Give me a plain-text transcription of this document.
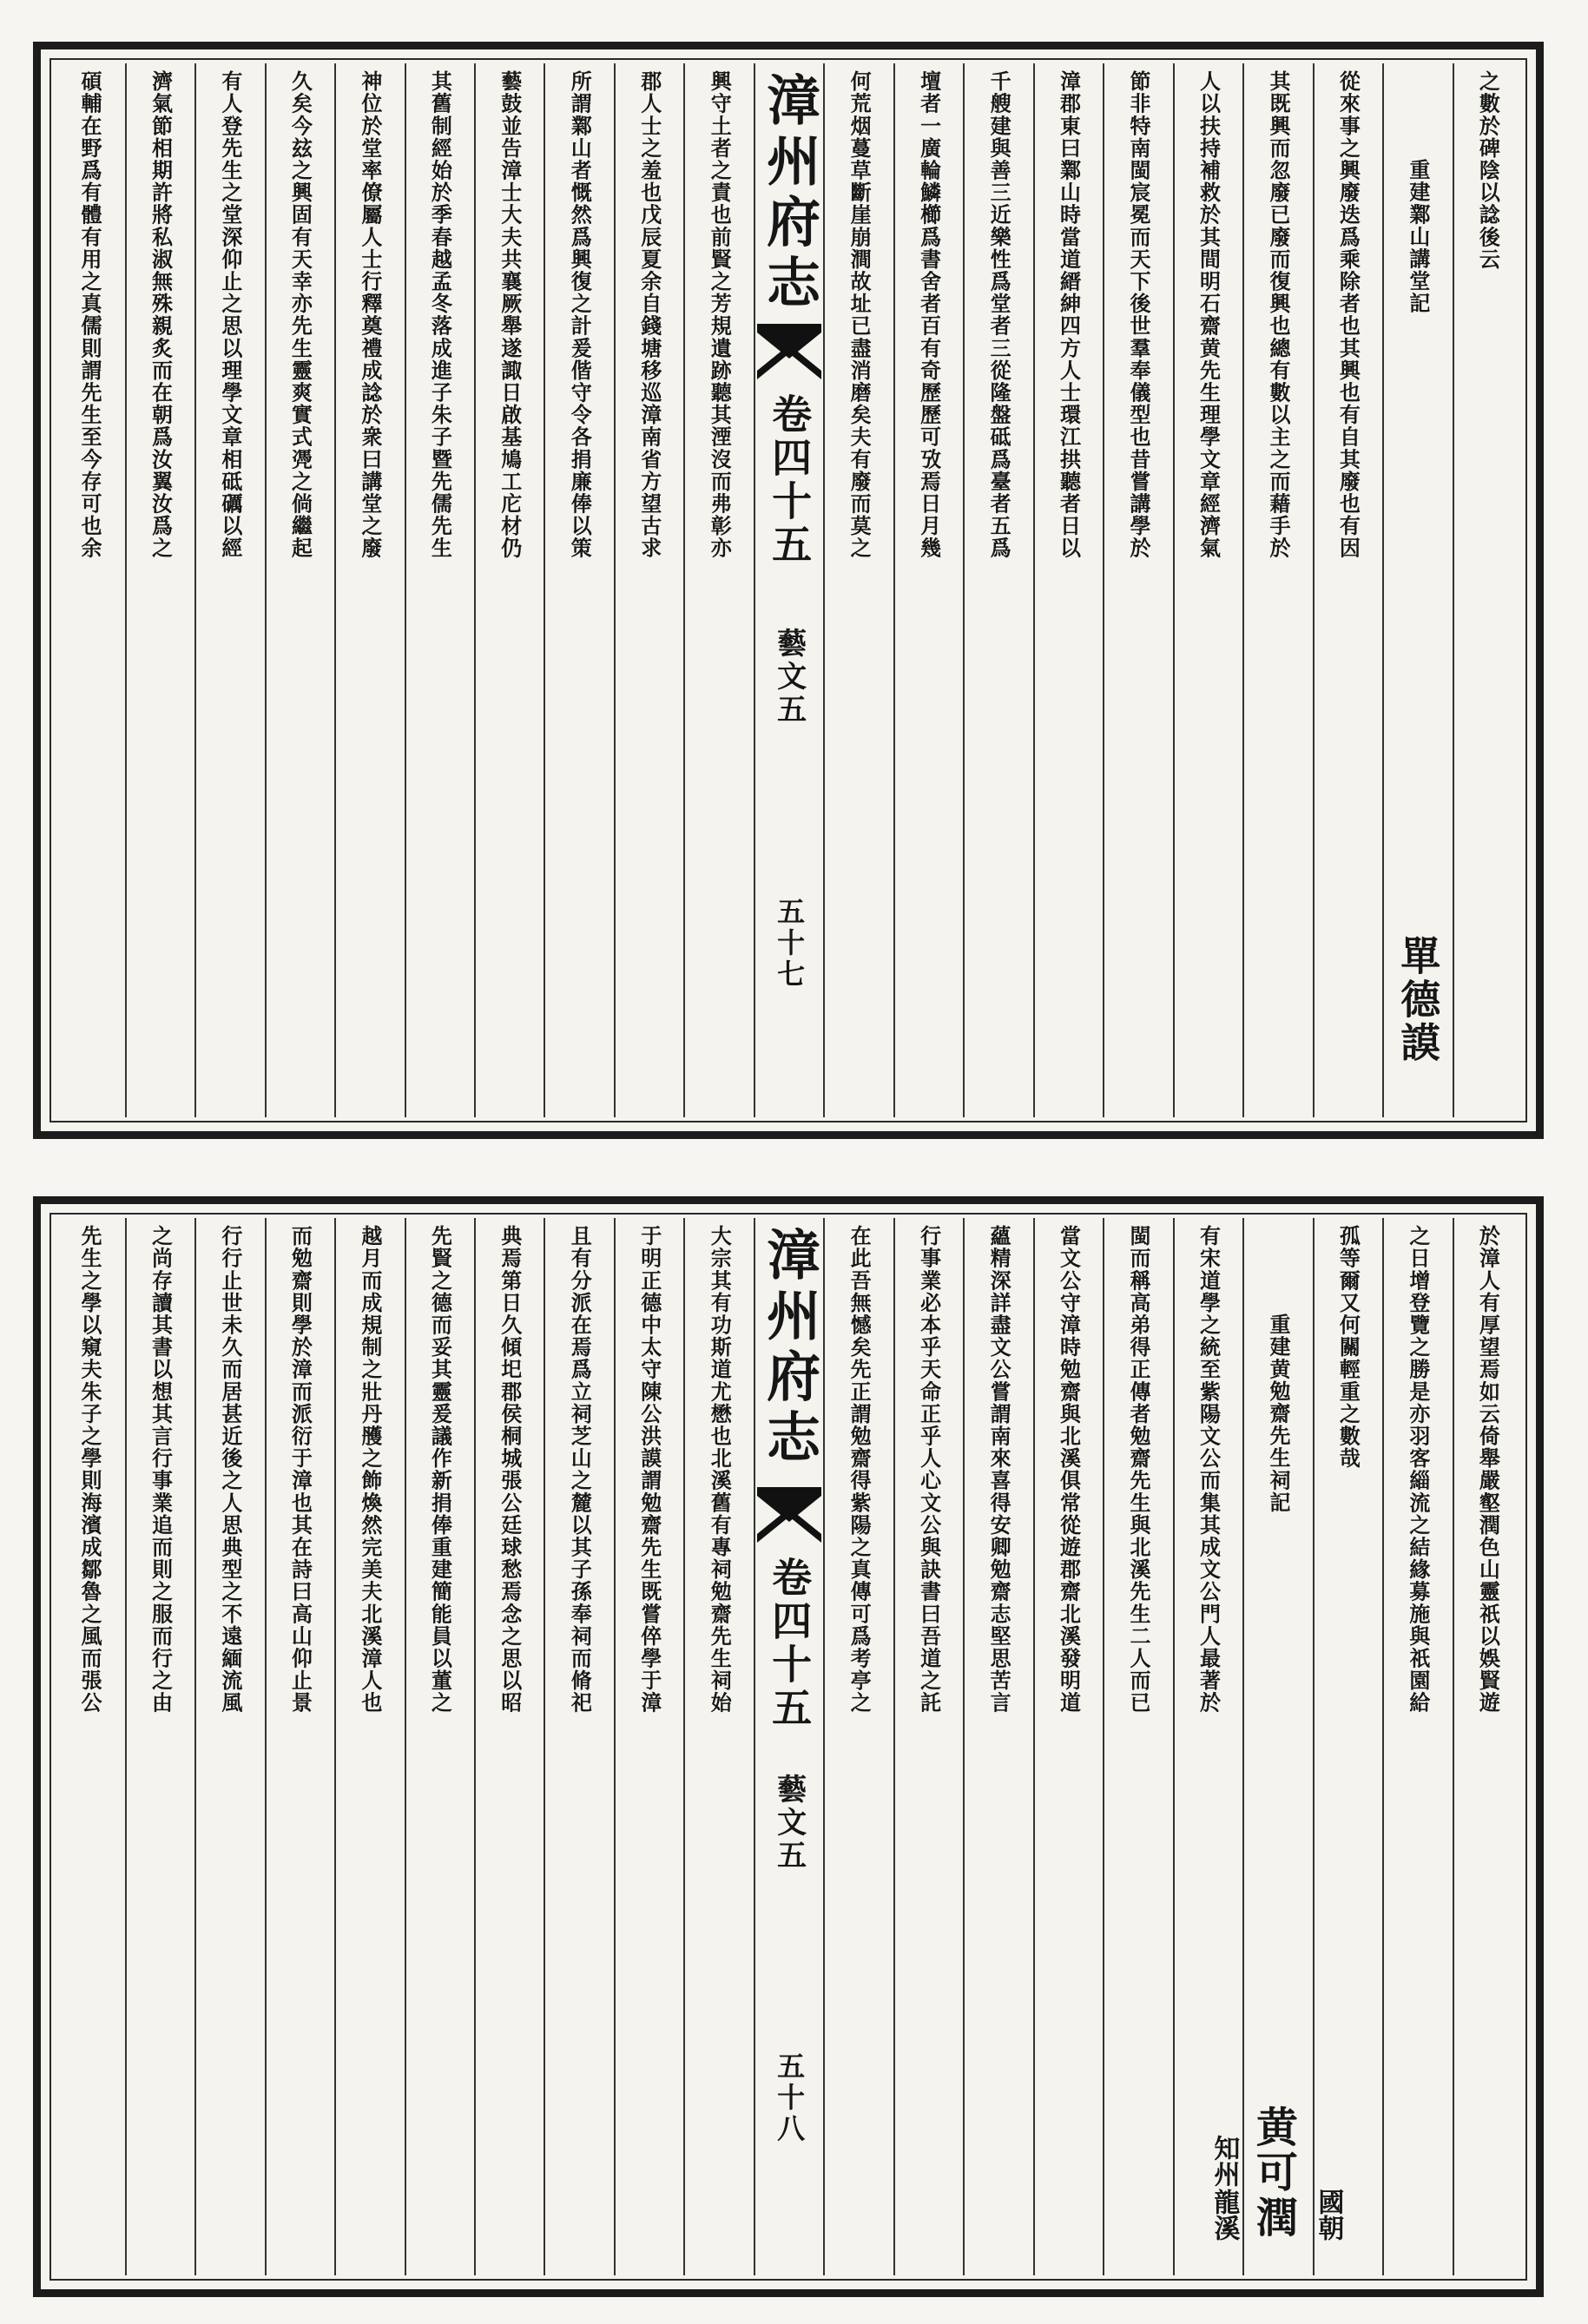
之數於碑陰以諗後云
重建鄴山講堂記
單德謨
從來事之興廢迭爲乘除者也其興也有自其廢也有因
其既興而忽廢已廢而復興也總有數以主之而藉手於
人以扶持補救於其間明石齋黄先生理學文章經濟氣
節非特南閩宸冕而天下後世羣奉儀型也昔嘗講學於
漳郡東曰鄴山時當道縉紳四方人士環江拱聽者日以
千艘建與善三近樂性爲堂者三從隆盤砥爲臺者五爲
壇者一廣輪鱗櫛爲書舍者百有奇歷歷可攷焉日月幾
何荒烟蔓草斷崖崩澗故址已盡消磨矣夫有廢而莫之
漳州府志
卷四十五
藝文五
五十七
興守土者之責也前賢之芳規遺跡聽其湮沒而弗彰亦
郡人士之羞也戊辰夏余自錢塘移巡漳南省方望古求
所謂鄴山者慨然爲興復之計爰偕守令各捐廉俸以策
藝鼓並告漳士大夫共襄厥舉遂諏日啟基鳩工庀材仍
其舊制經始於季春越孟冬落成進子朱子暨先儒先生
神位於堂率僚屬人士行釋奠禮成諗於衆曰講堂之廢
久矣今玆之興固有天幸亦先生靈爽實式凴之倘繼起
有人登先生之堂深仰止之思以理學文章相砥礪以經
濟氣節相期許將私淑無殊親炙而在朝爲汝翼汝爲之
碩輔在野爲有體有用之真儒則謂先生至今存可也余
於漳人有厚望焉如云倚舉嚴壑潤色山靈祇以娛賢遊
之日增登覽之勝是亦羽客緇流之結緣募施與祇園給
孤等爾又何關輕重之數哉
重建黄勉齋先生祠記
國朝
黄可潤
龍溪
知州
有宋道學之統至紫陽文公而集其成文公門人最著於
閩而稱高弟得正傳者勉齋先生與北溪先生二人而已
當文公守漳時勉齋與北溪俱常從遊郡齋北溪發明道
蘊精深詳盡文公嘗謂南來喜得安卿勉齋志堅思苦言
行事業必本乎天命正乎人心文公與訣書曰吾道之託
在此吾無憾矣先正謂勉齋得紫陽之真傳可爲考亭之
漳州府志
卷四十五
藝文五
五十八
大宗其有功斯道尤懋也北溪舊有專祠勉齋先生祠始
于明正德中太守陳公洪謨謂勉齋先生既嘗倅學于漳
且有分派在焉爲立祠芝山之麓以其子孫奉祠而脩祀
典焉第日久傾圯郡侯桐城張公廷球愁焉念之思以昭
先賢之德而妥其靈爰議作新捐俸重建簡能員以董之
越月而成規制之壯丹雘之飾煥然完美夫北溪漳人也
而勉齋則學於漳而派衍于漳也其在詩曰高山仰止景
行行止世未久而居甚近後之人思典型之不遠緬流風
之尚存讀其書以想其言行事業追而則之服而行之由
先生之學以窺夫朱子之學則海濱成鄒魯之風而張公
